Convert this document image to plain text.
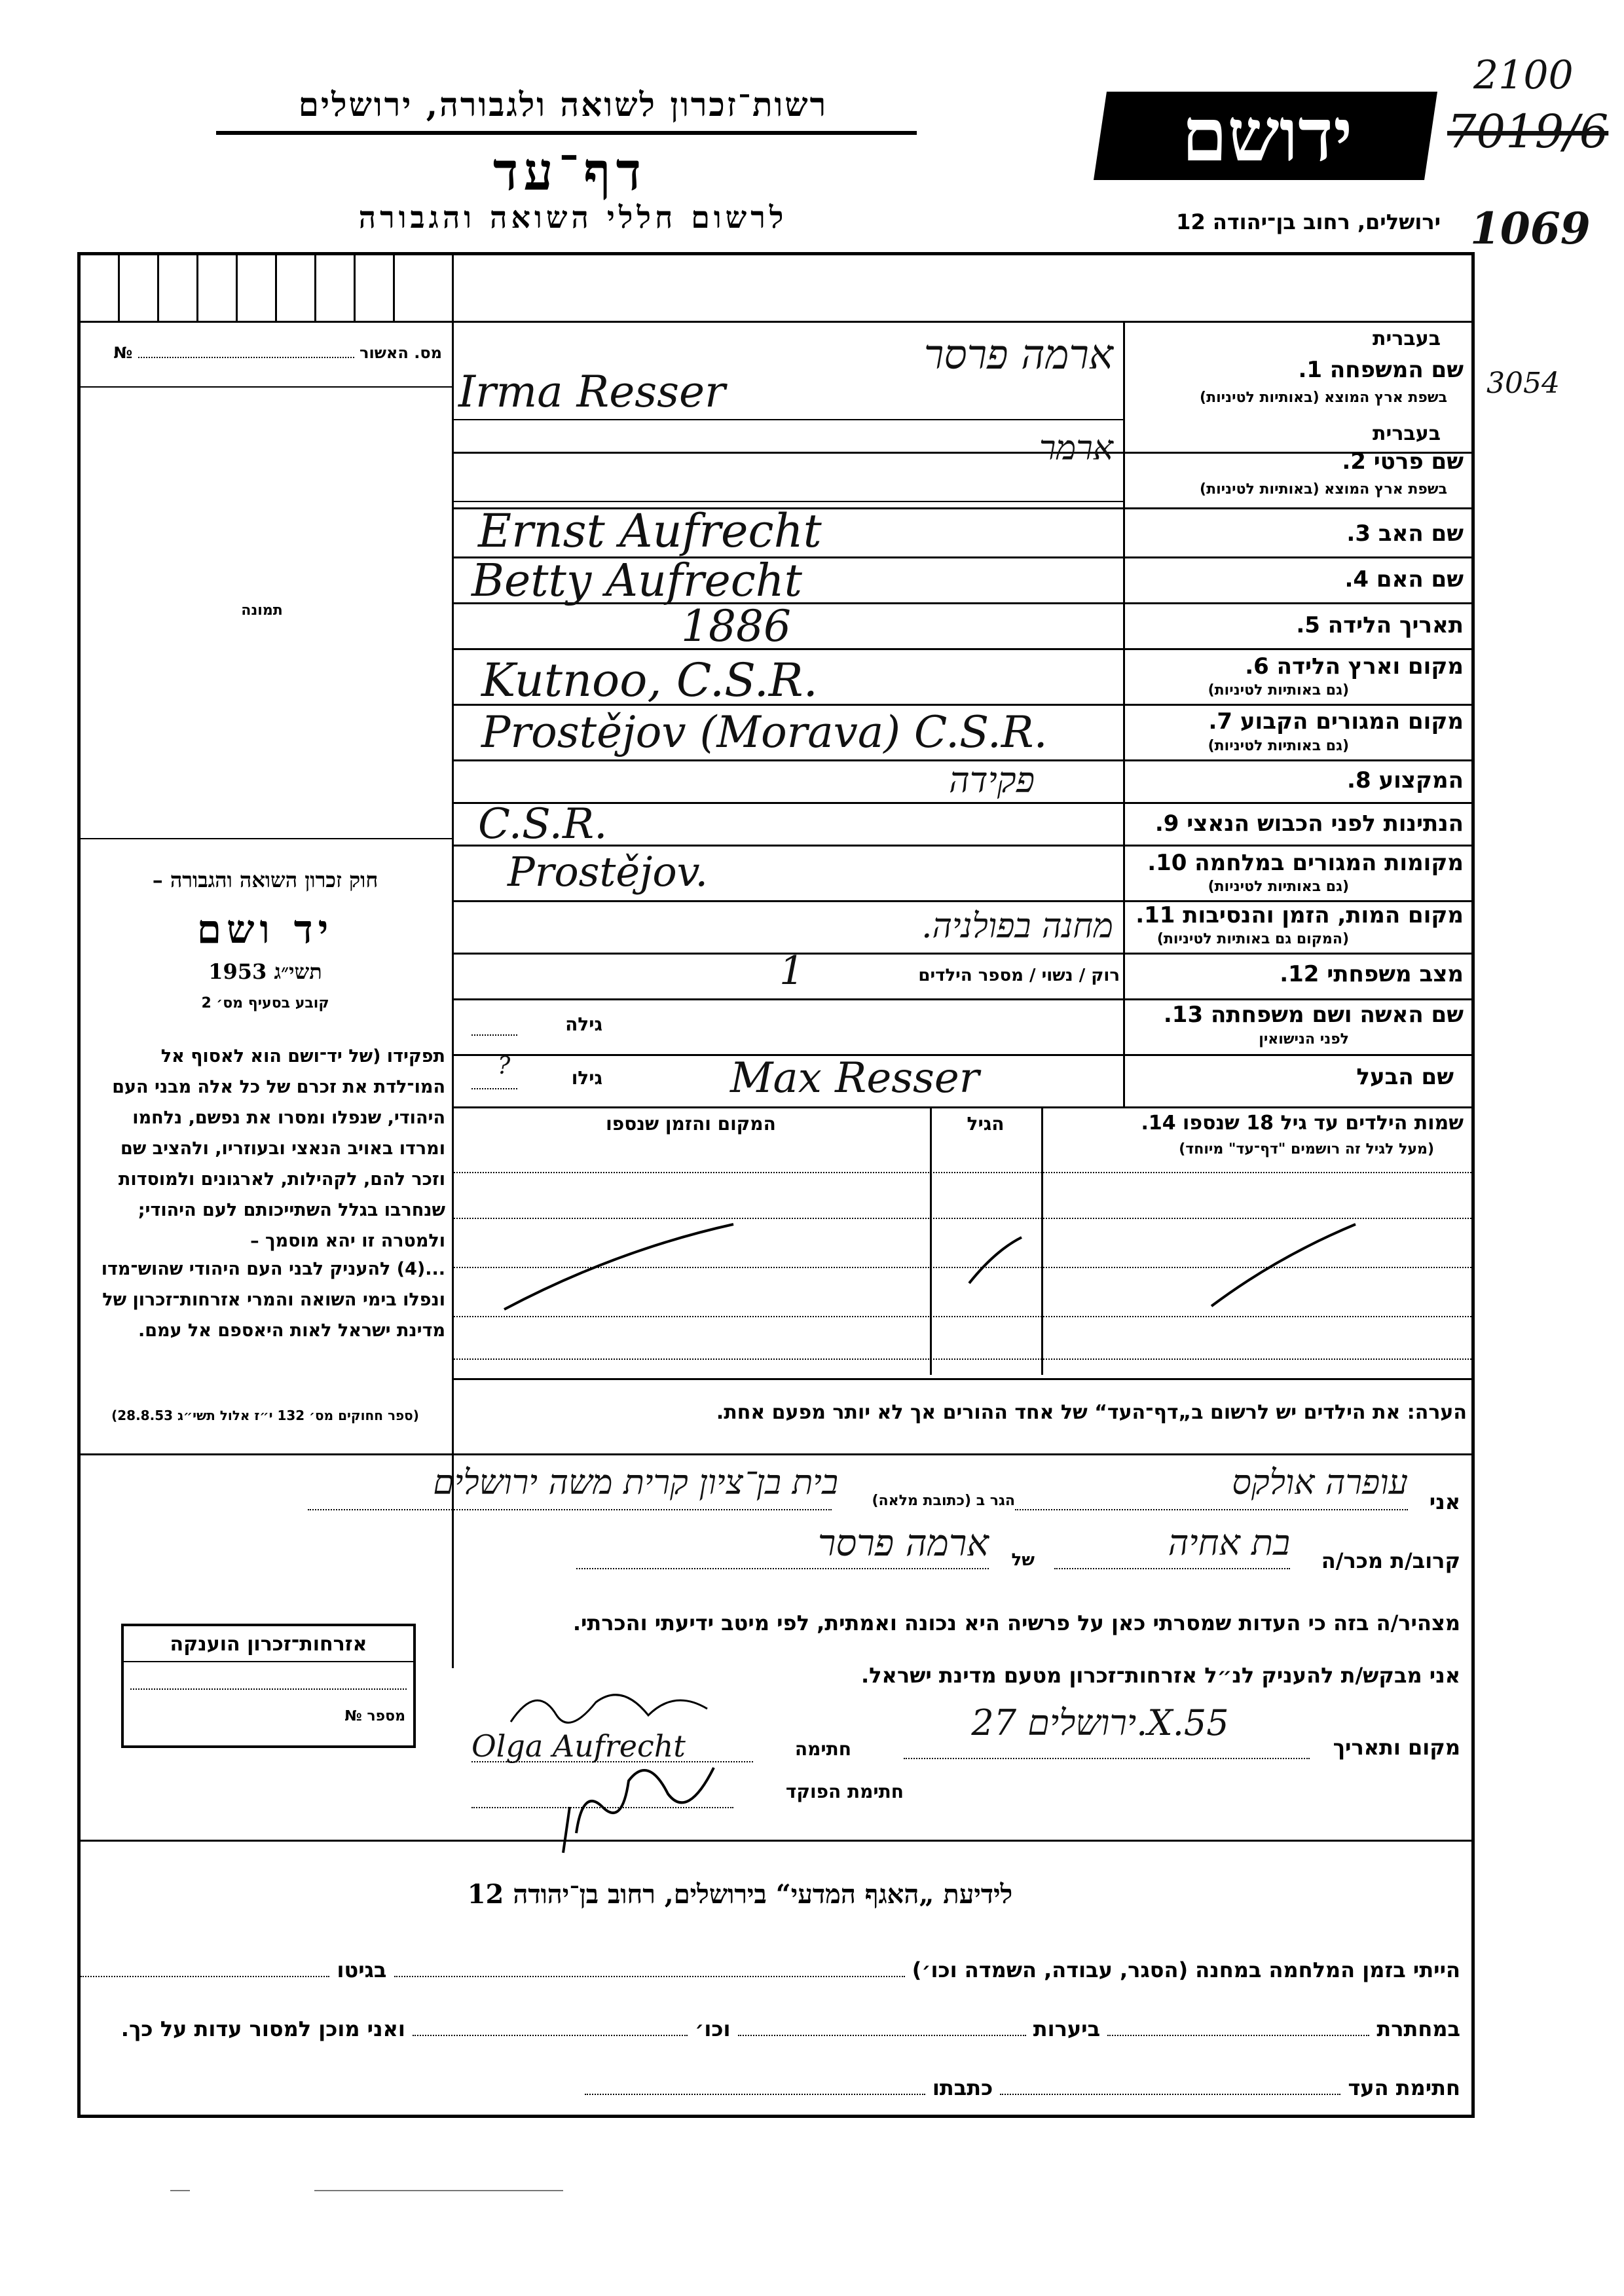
רשות־זכרון לשואה ולגבורה, ירושלים
דף־עד
לרשום חללי השואה והגבורה
ידושם
ירושלים, רחוב בן־יהודה 12
2100
7019/6
1069
3054
מס. האשור  №
תמונה
חוק זכרון השואה והגבורה –
יד ושם
תשי״ג 1953
קובע בסעיף מס׳ 2
תפקידו (של יד־ושם הוא לאסוף אל המו־לדת את זכרם של כל אלה מבני העם היהודי, שנפלו ומסרו את נפשם, נלחמו ומרדו באויב הנאצי ובעוזריו, ולהציב שם וזכר להם, לקהילות, לארגונים ולמוסדות שנחרבו בגלל השתייכותם לעם היהודי; ולמטרה זו יהא מוסמך –
...(4) להעניק לבני העם היהודי שהוש־מדו ונפלו בימי השואה והמרי אזרחות־זכרון של מדינת ישראל לאות היאספם אל עמם.
(ספר חחוקים מס׳ 132 י״ז אלול תשי״ג 28.8.53)
בעברית
שם המשפחה 1.
בשפת ארץ המוצא (באותיות לטיניות)
ארמה פרסר
Irma Resser
בעברית
שם פרטי 2.
בשפת ארץ המוצא (באותיות לטיניות)
ארמר
שם האב 3.
Ernst Aufrecht
שם האם 4.
Betty Aufrecht
תאריך הלידה 5.
1886
מקום וארץ הלידה 6.
(גם באותיות לטיניות)
Kutnoo, C.S.R.
מקום המגורים הקבוע 7.
(גם באותיות לטיניות)
Prostějov (Morava) C.S.R.
המקצוע 8.
פקידה
הנתינות לפני הכבוש הנאצי 9.
C.S.R.
מקומות המגורים במלחמה 10.
(גם באותיות לטיניות)
Prostějov.
מקום המות, הזמן והנסיבות 11.
(המקום גם באותיות לטיניות)
מחנה בפולניה.
מצב משפחתי 12.
רוק / נשוי / מספר הילדים
1
שם האשה ושם משפחתה 13.
לפני הנישואין
גילה
שם הבעל
גילו
?	Max Resser
שמות הילדים עד גיל 18 שנספו 14.
(מעל לגיל זה רושמים "דף־עד" מיוחד)
הגיל
המקום והזמן שנספו
הערה: את הילדים יש לרשום ב„דף־העד“ של אחד ההורים אך לא יותר מפעם אחת.
אני
עופרה אולקס
הגר ב (כתובת מלאה)
בית בן־ציון קרית משה ירושלים
קרוב/ת מכר/ה
בת אחיה
של
ארמה פרסר
מצהיר/ה בזה כי העדות שמסרתי כאן על פרשיה היא נכונה ואמתית, לפי מיטב ידיעתי והכרתי.
אני מבקש/ת להעניק לנ״ל אזרחות־זכרון מטעם מדינת ישראל.
מקום ותאריך
ירושלים 27.X.55
חתימה
Olga Aufrecht
חתימת הפוקד
אזרחות־זכרון הוענקה
מספר №
לידיעת „האגף המדעי“ בירושלים, רחוב בן־יהודה 12
הייתי בזמן המלחמה במחנה (הסגר, עבודה, השמדה וכו׳)  בגיטו
במחתרת  ביערות  וכו׳  ואני מוכן למסור עדות על כך.
חתימת העד  כתבתו
